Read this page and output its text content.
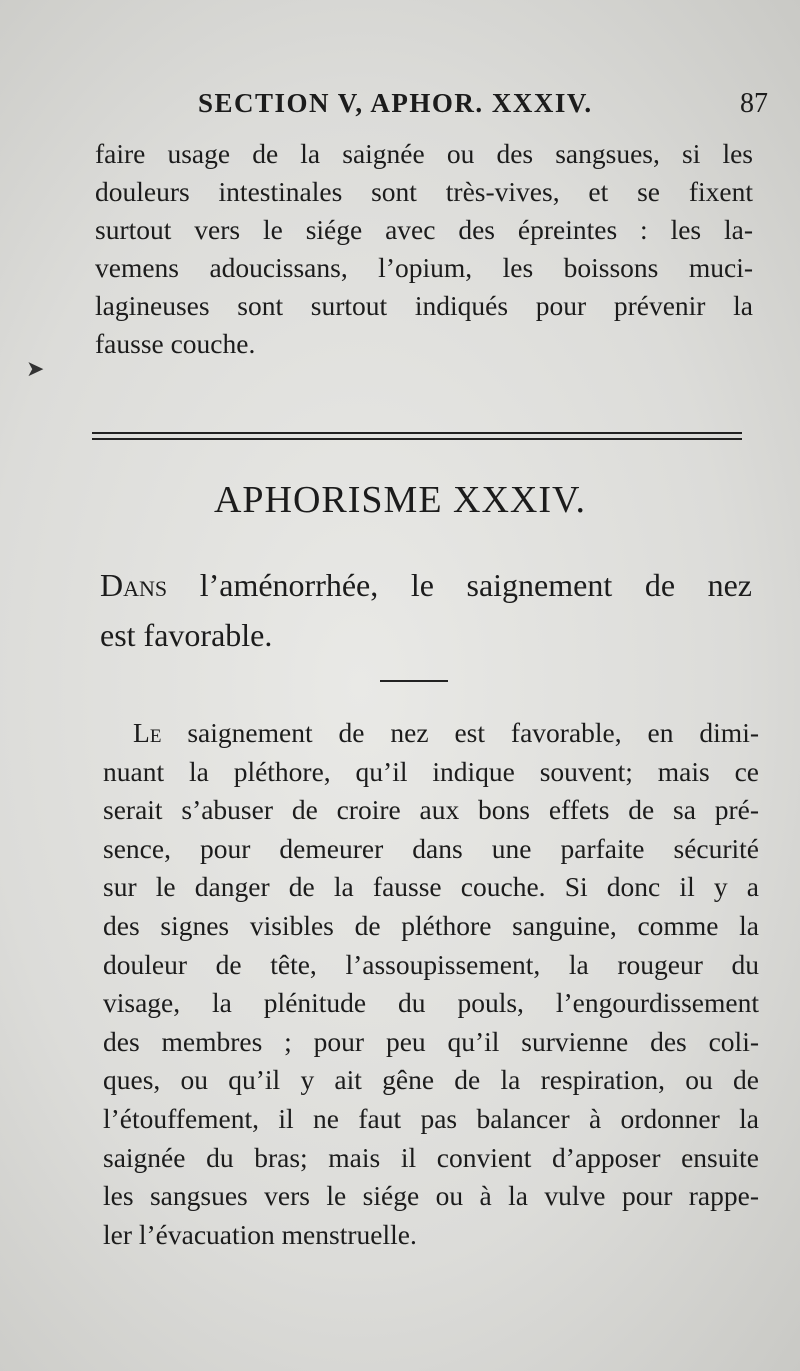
SECTION V, APHOR. XXXIV.	87
faire usage de la saignée ou des sangsues, si les
douleurs intestinales sont très-vives, et se fixent
surtout vers le siége avec des épreintes : les la-
vemens adoucissans, l’opium, les boissons muci-
lagineuses sont surtout indiqués pour prévenir la
fausse couche.
➤
APHORISME XXXIV.
Dans l’aménorrhée, le saignement de nez
est favorable.
Le saignement de nez est favorable, en dimi-
nuant la pléthore, qu’il indique souvent; mais ce
serait s’abuser de croire aux bons effets de sa pré-
sence, pour demeurer dans une parfaite sécurité
sur le danger de la fausse couche. Si donc il y a
des signes visibles de pléthore sanguine, comme la
douleur de tête, l’assoupissement, la rougeur du
visage, la plénitude du pouls, l’engourdissement
des membres ; pour peu qu’il survienne des coli-
ques, ou qu’il y ait gêne de la respiration, ou de
l’étouffement, il ne faut pas balancer à ordonner la
saignée du bras; mais il convient d’apposer ensuite
les sangsues vers le siége ou à la vulve pour rappe-
ler l’évacuation menstruelle.
